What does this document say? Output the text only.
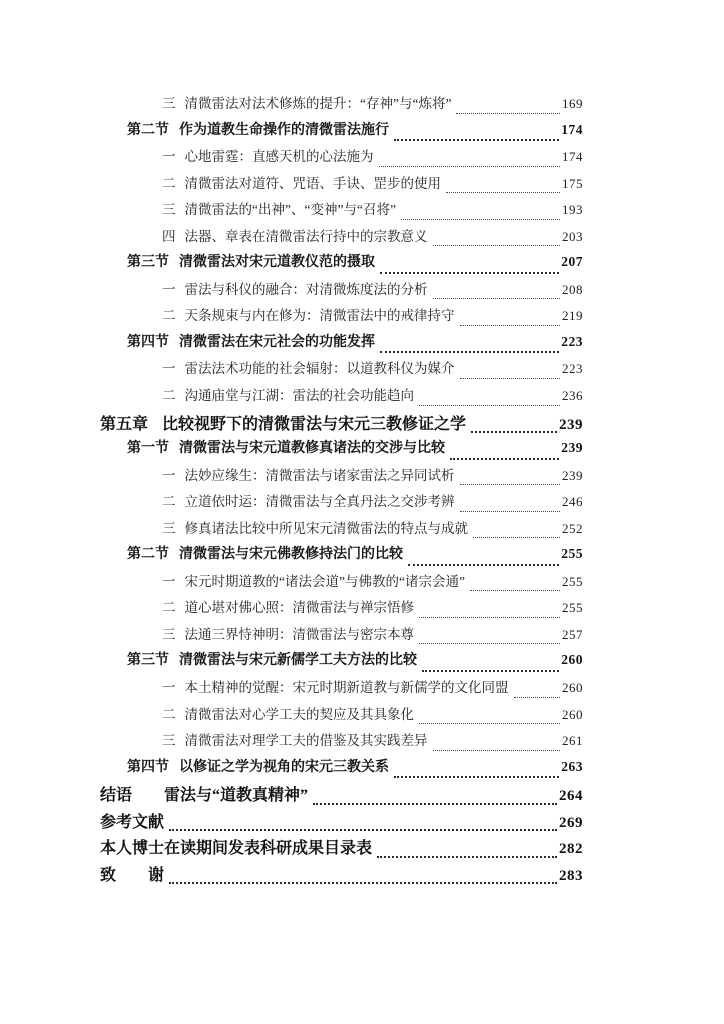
三 清微雷法对法术修炼的提升：“存神”与“炼将”	169
第二节 作为道教生命操作的清微雷法施行	174
一 心地雷霆：直感天机的心法施为	174
二 清微雷法对道符、咒语、手诀、罡步的使用	175
三 清微雷法的“出神”、“变神”与“召将”	193
四 法器、章表在清微雷法行持中的宗教意义	203
第三节 清微雷法对宋元道教仪范的摄取	207
一 雷法与科仪的融合：对清微炼度法的分析	208
二 天条规束与内在修为：清微雷法中的戒律持守	219
第四节 清微雷法在宋元社会的功能发挥	223
一 雷法法术功能的社会辐射：以道教科仪为媒介	223
二 沟通庙堂与江湖：雷法的社会功能趋向	236
第五章 比较视野下的清微雷法与宋元三教修证之学	239
第一节 清微雷法与宋元道教修真诸法的交涉与比较	239
一 法妙应缘生：清微雷法与诸家雷法之异同试析	239
二 立道依时运：清微雷法与全真丹法之交涉考辨	246
三 修真诸法比较中所见宋元清微雷法的特点与成就	252
第二节 清微雷法与宋元佛教修持法门的比较	255
一 宋元时期道教的“诸法会道”与佛教的“诸宗会通”	255
二 道心堪对佛心照：清微雷法与禅宗悟修	255
三 法通三界恃神明：清微雷法与密宗本尊	257
第三节 清微雷法与宋元新儒学工夫方法的比较	260
一 本土精神的觉醒：宋元时期新道教与新儒学的文化同盟	260
二 清微雷法对心学工夫的契应及其具象化	260
三 清微雷法对理学工夫的借鉴及其实践差异	261
第四节 以修证之学为视角的宋元三教关系	263
结语 雷法与“道教真精神”	264
参考文献	269
本人博士在读期间发表科研成果目录表	282
致 谢	283
